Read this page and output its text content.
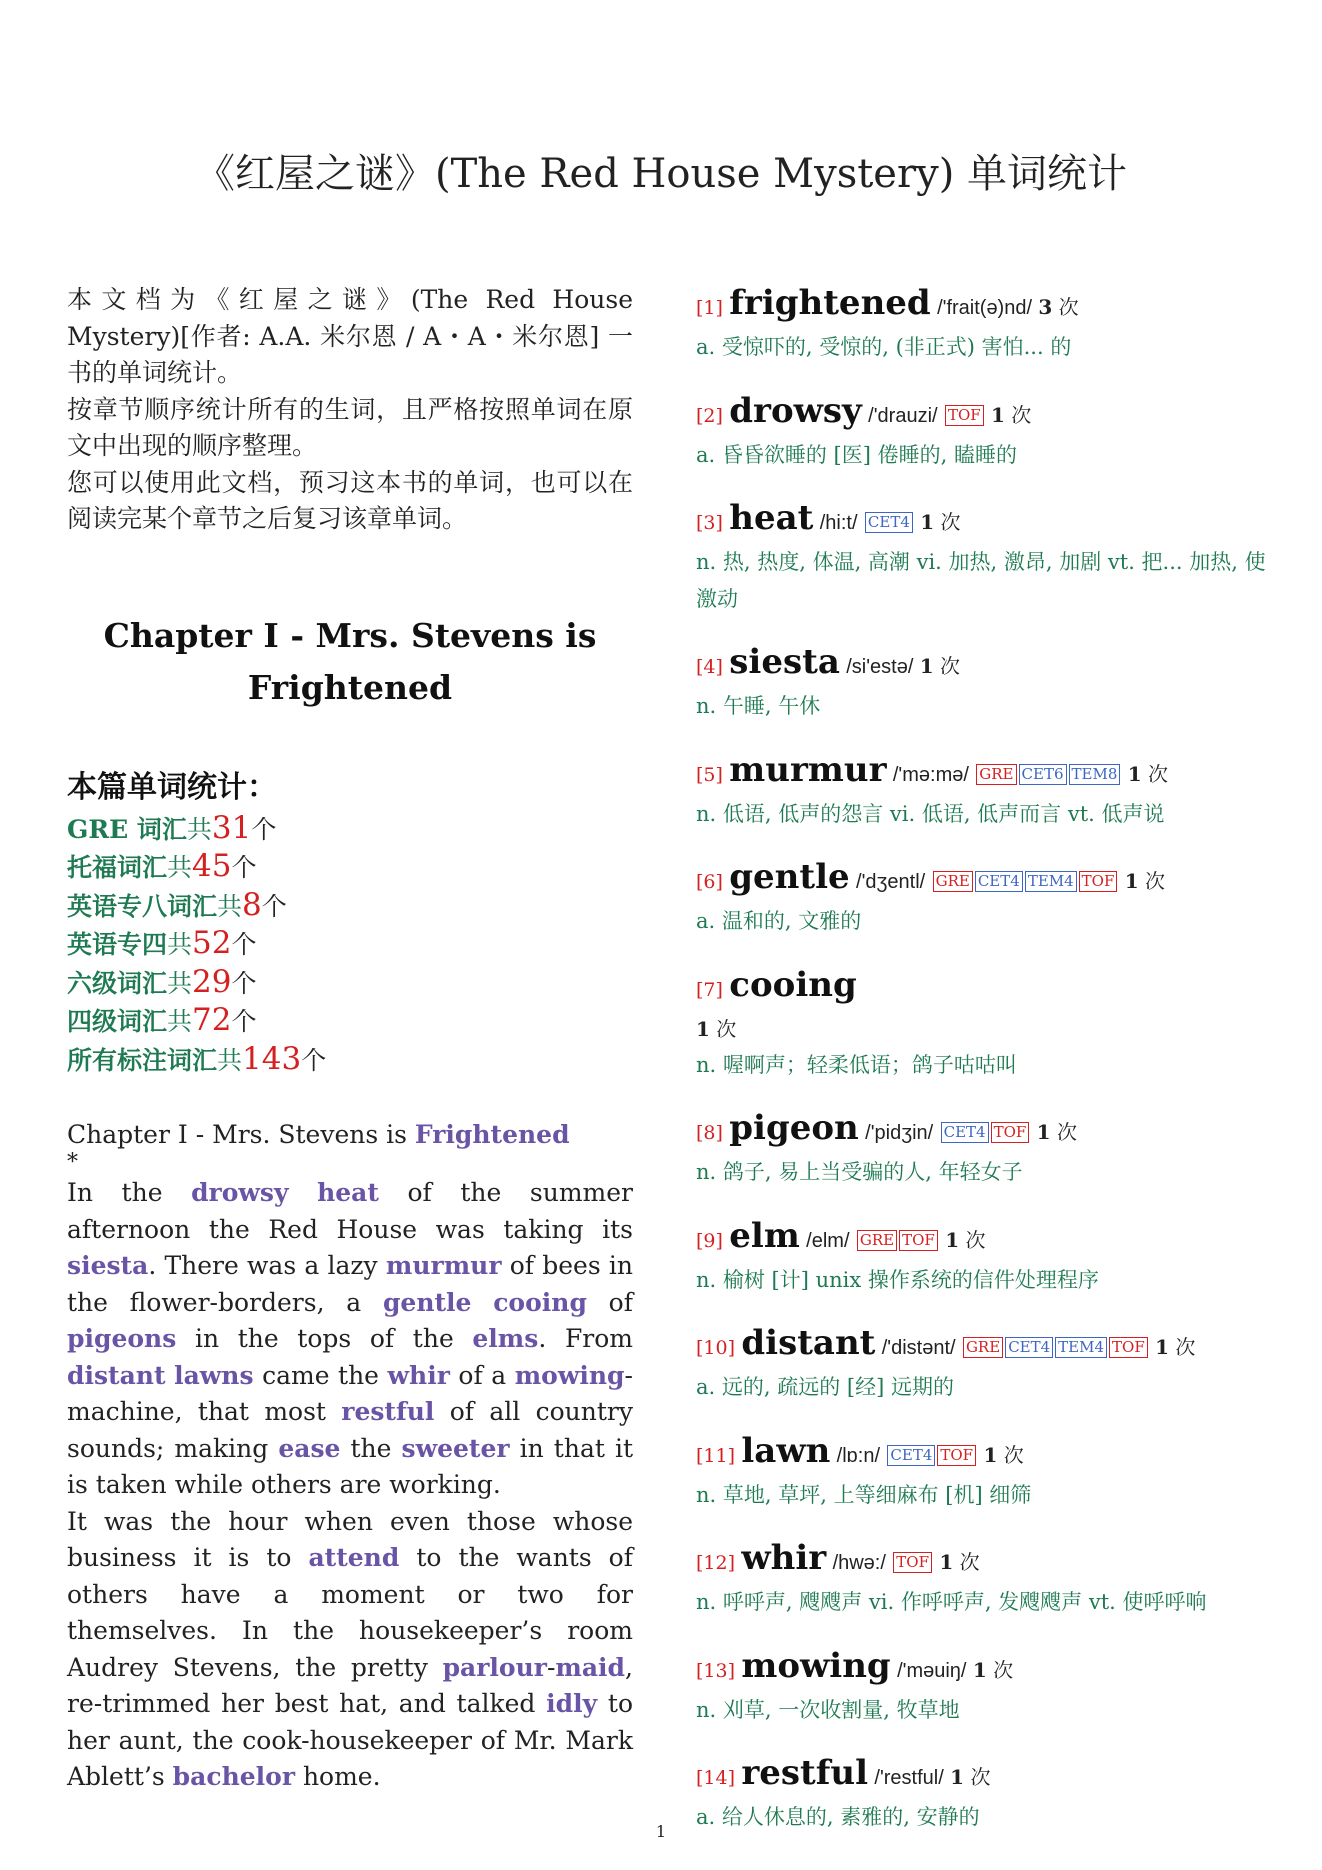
《红屋之谜》(The Red House Mystery) 单词统计

本文档为《红屋之谜》(The Red House Mystery)[作者: A.A. 米尔恩 / A・A・米尔恩] 一书的单词统计。

按章节顺序统计所有的生词，且严格按照单词在原文中出现的顺序整理。

您可以使用此文档，预习这本书的单词，也可以在阅读完某个章节之后复习该章单词。

Chapter I - Mrs. Stevens is Frightened
本篇单词统计：
GRE 词汇共31个
托福词汇共45个
英语专八词汇共8个
英语专四共52个
六级词汇共29个
四级词汇共72个
所有标注词汇共143个
Chapter I - Mrs. Stevens is Frightened
*

In the drowsy heat of the summer afternoon the Red House was taking its siesta. There was a lazy murmur of bees in the flower-borders, a gentle cooing of pigeons in the tops of the elms. From distant lawns came the whir of a mowing-machine, that most restful of all country sounds; making ease the sweeter in that it is taken while others are working.

It was the hour when even those whose business it is to attend to the wants of others have a moment or two for themselves. In the housekeeper’s room Audrey Stevens, the pretty parlour-maid, re-trimmed her best hat, and talked idly to her aunt, the cook-housekeeper of Mr. Mark Ablett’s bachelor home.

[1] frightened /'frait(ə)nd/ 3 次
a. 受惊吓的, 受惊的, (非正式) 害怕... 的
[2] drowsy /'drauzi/ TOF 1 次
a. 昏昏欲睡的 [医] 倦睡的, 瞌睡的
[3] heat /hi:t/ CET4 1 次
n. 热, 热度, 体温, 高潮 vi. 加热, 激昂, 加剧 vt. 把... 加热, 使激动
[4] siesta /si'estə/ 1 次
n. 午睡, 午休
[5] murmur /'mə:mə/ GRE CET6 TEM8 1 次
n. 低语, 低声的怨言 vi. 低语, 低声而言 vt. 低声说
[6] gentle /'dʒentl/ GRE CET4 TEM4 TOF 1 次
a. 温和的, 文雅的
[7] cooing
1 次
n. 喔啊声；轻柔低语；鸽子咕咕叫
[8] pigeon /'pidʒin/ CET4 TOF 1 次
n. 鸽子, 易上当受骗的人, 年轻女子
[9] elm /elm/ GRE TOF 1 次
n. 榆树 [计] unix 操作系统的信件处理程序
[10] distant /'distənt/ GRE CET4 TEM4 TOF 1 次
a. 远的, 疏远的 [经] 远期的
[11] lawn /lɒ:n/ CET4 TOF 1 次
n. 草地, 草坪, 上等细麻布 [机] 细筛
[12] whir /hwə:/ TOF 1 次
n. 呼呼声, 飕飕声 vi. 作呼呼声, 发飕飕声 vt. 使呼呼响
[13] mowing /'məuiŋ/ 1 次
n. 刈草, 一次收割量, 牧草地
[14] restful /'restful/ 1 次
a. 给人休息的, 素雅的, 安静的
1
